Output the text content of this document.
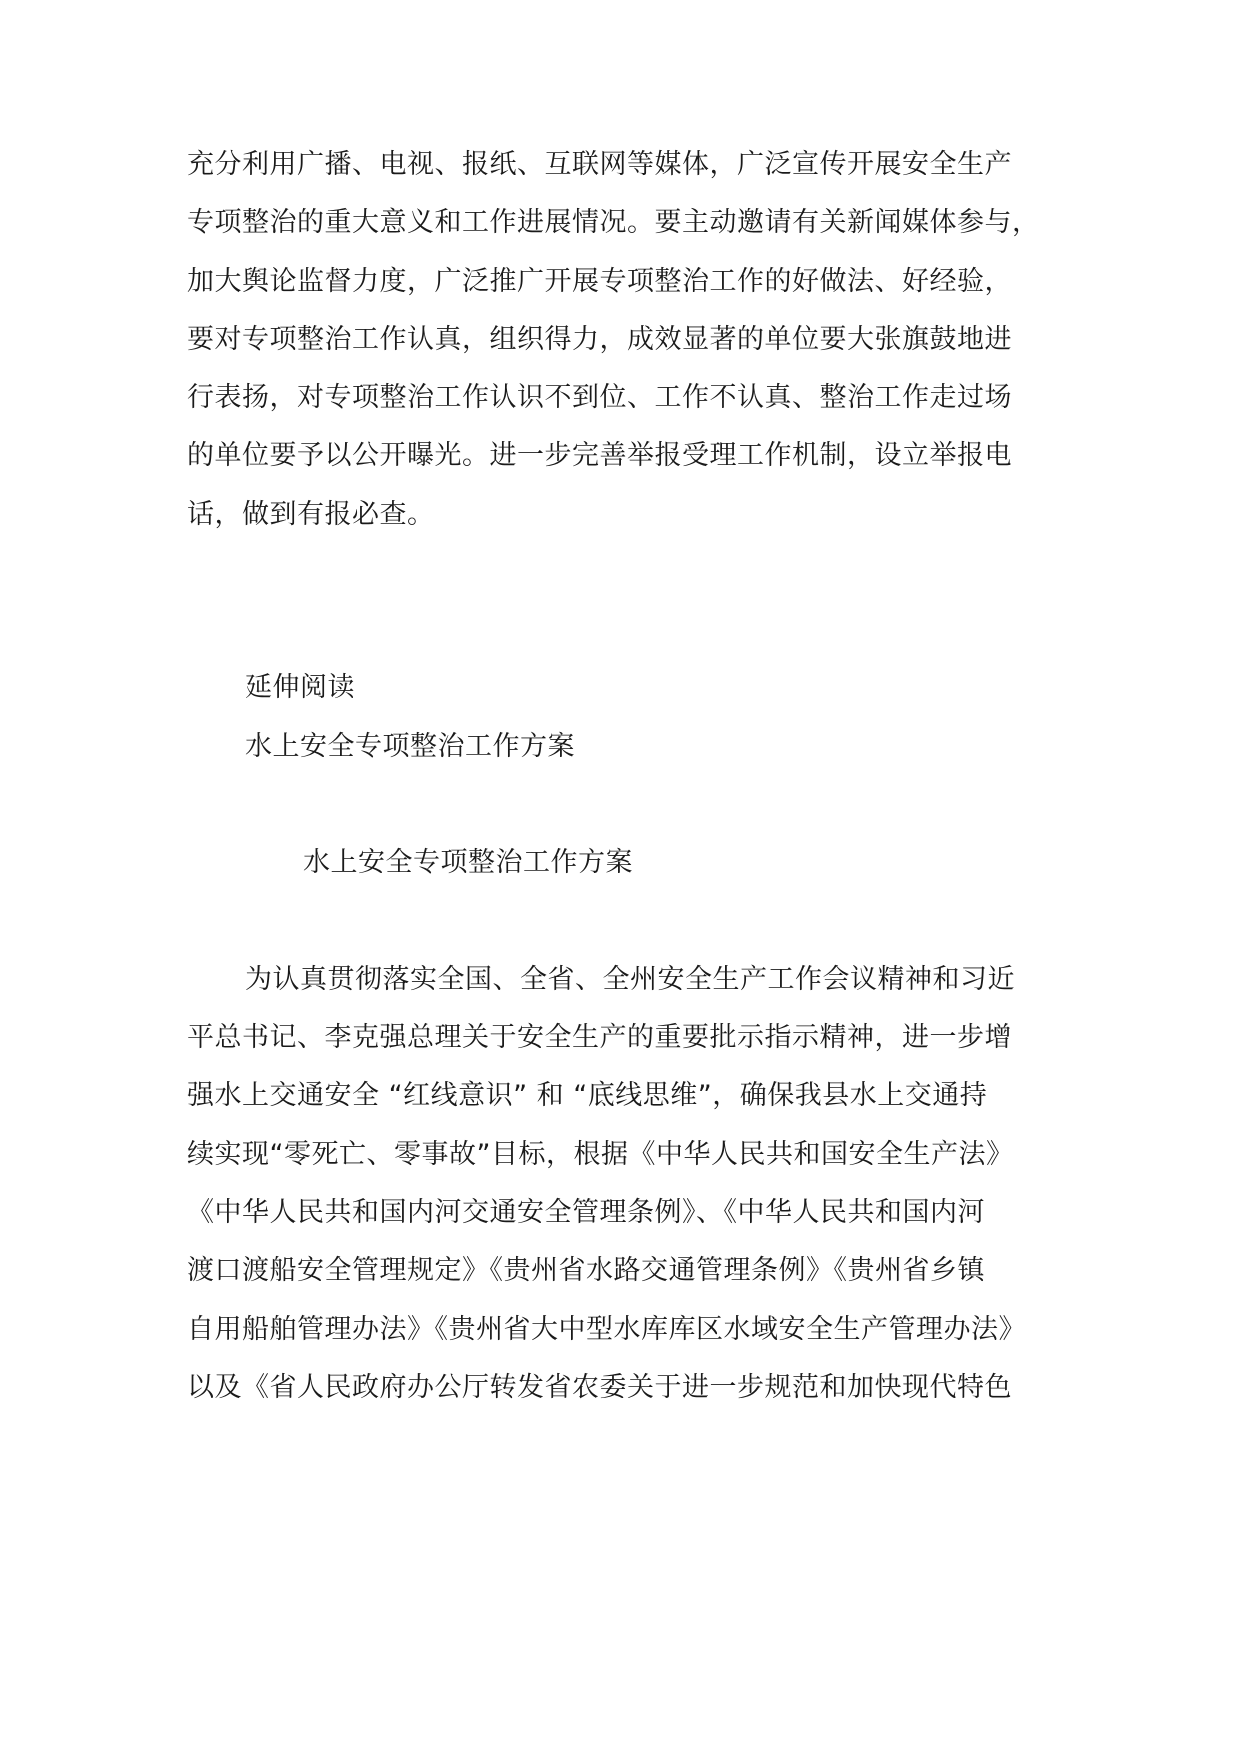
充分利用广播、电视、报纸、互联网等媒体，广泛宣传开展安全生产
专项整治的重大意义和工作进展情况。要主动邀请有关新闻媒体参与，
加大舆论监督力度，广泛推广开展专项整治工作的好做法、好经验，
要对专项整治工作认真，组织得力，成效显著的单位要大张旗鼓地进
行表扬，对专项整治工作认识不到位、工作不认真、整治工作走过场
的单位要予以公开曝光。进一步完善举报受理工作机制，设立举报电
话，做到有报必查。
延伸阅读
水上安全专项整治工作方案
水上安全专项整治工作方案
为认真贯彻落实全国、全省、全州安全生产工作会议精神和习近
平总书记、李克强总理关于安全生产的重要批示指示精神，进一步增
强水上交通安全 “红线意识” 和 “底线思维”，确保我县水上交通持
续实现“零死亡、零事故”目标，根据《中华人民共和国安全生产法》
《中华人民共和国内河交通安全管理条例》、《中华人民共和国内河
渡口渡船安全管理规定》《贵州省水路交通管理条例》《贵州省乡镇
自用船舶管理办法》《贵州省大中型水库库区水域安全生产管理办法》
以及《省人民政府办公厅转发省农委关于进一步规范和加快现代特色
